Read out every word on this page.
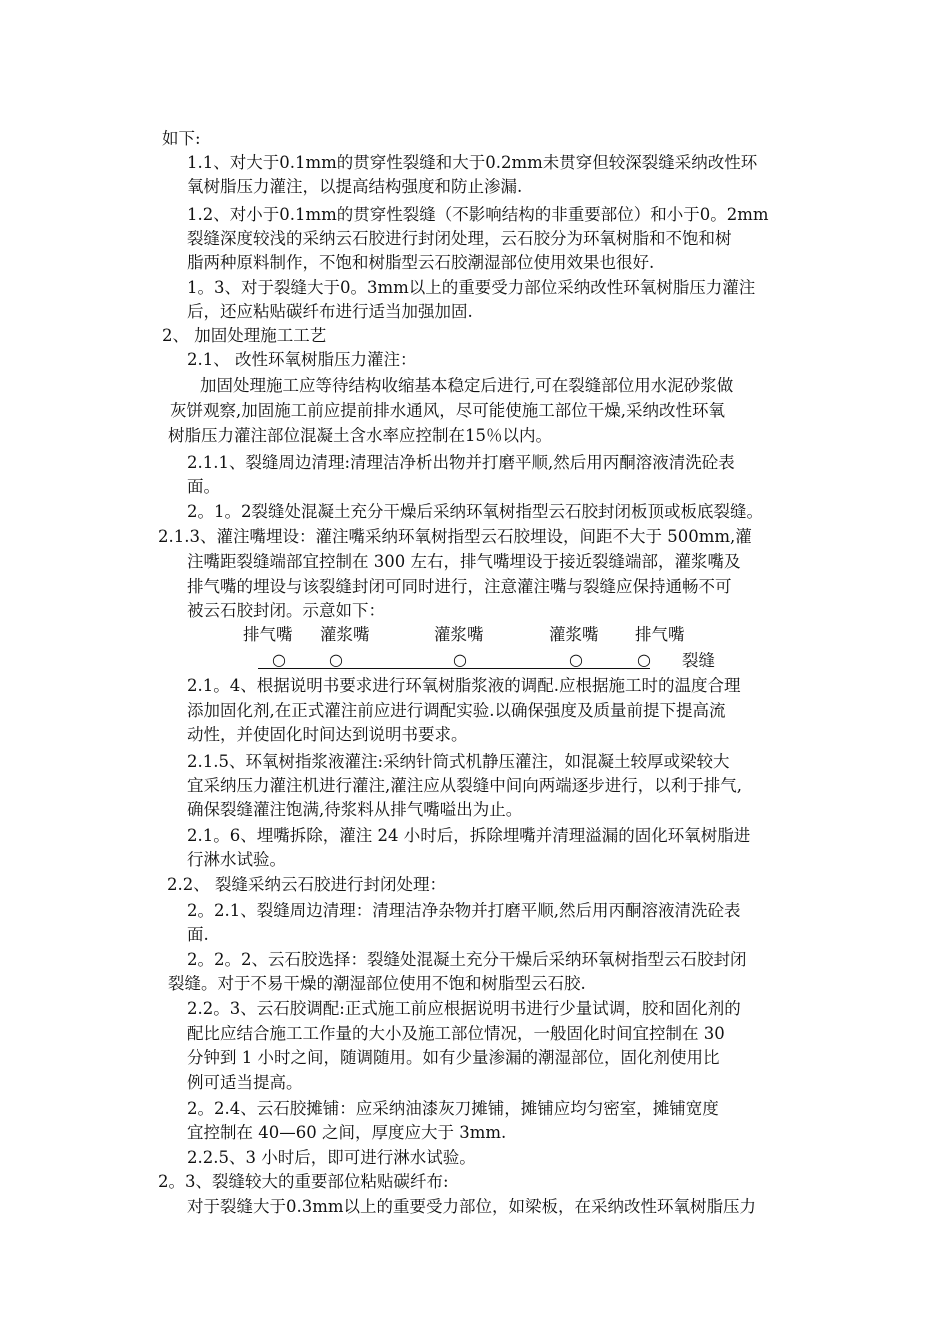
如下:
1.1、对大于0.1mm的贯穿性裂缝和大于0.2mm未贯穿但较深裂缝采纳改性环
氧树脂压力灌注，以提高结构强度和防止渗漏.
1.2、对小于0.1mm的贯穿性裂缝（不影响结构的非重要部位）和小于0。2mm
裂缝深度较浅的采纳云石胶进行封闭处理，云石胶分为环氧树脂和不饱和树
脂两种原料制作，不饱和树脂型云石胶潮湿部位使用效果也很好.
1。3、对于裂缝大于0。3mm以上的重要受力部位采纳改性环氧树脂压力灌注
后，还应粘贴碳纤布进行适当加强加固.
2、 加固处理施工工艺
2.1、 改性环氧树脂压力灌注：
加固处理施工应等待结构收缩基本稳定后进行,可在裂缝部位用水泥砂浆做
灰饼观察,加固施工前应提前排水通风，尽可能使施工部位干燥,采纳改性环氧
树脂压力灌注部位混凝土含水率应控制在15％以内。
2.1.1、裂缝周边清理:清理洁净析出物并打磨平顺,然后用丙酮溶液清洗砼表
面。
2。1。2裂缝处混凝土充分干燥后采纳环氧树指型云石胶封闭板顶或板底裂缝。
2.1.3、灌注嘴埋设：灌注嘴采纳环氧树指型云石胶埋设，间距不大于 500mm,灌
注嘴距裂缝端部宜控制在 300 左右，排气嘴埋设于接近裂缝端部，灌浆嘴及
排气嘴的埋设与该裂缝封闭可同时进行，注意灌注嘴与裂缝应保持通畅不可
被云石胶封闭。示意如下：
排气嘴 灌浆嘴	灌浆嘴	灌浆嘴 排气嘴
○	○	○	○	○ 裂缝
2.1。4、根据说明书要求进行环氧树脂浆液的调配.应根据施工时的温度合理
添加固化剂,在正式灌注前应进行调配实验.以确保强度及质量前提下提高流
动性，并使固化时间达到说明书要求。
2.1.5、环氧树指浆液灌注:采纳针筒式机静压灌注，如混凝土较厚或梁较大
宜采纳压力灌注机进行灌注,灌注应从裂缝中间向两端逐步进行，以利于排气,
确保裂缝灌注饱满,待浆料从排气嘴嗌出为止。
2.1。6、埋嘴拆除，灌注 24 小时后，拆除埋嘴并清理溢漏的固化环氧树脂进
行淋水试验。
2.2、 裂缝采纳云石胶进行封闭处理：
2。2.1、裂缝周边清理：清理洁净杂物并打磨平顺,然后用丙酮溶液清洗砼表
面.
2。2。2、云石胶选择：裂缝处混凝土充分干燥后采纳环氧树指型云石胶封闭
裂缝。对于不易干燥的潮湿部位使用不饱和树脂型云石胶.
2.2。3、云石胶调配:正式施工前应根据说明书进行少量试调，胶和固化剂的
配比应结合施工工作量的大小及施工部位情况，一般固化时间宜控制在 30
分钟到 1 小时之间，随调随用。如有少量渗漏的潮湿部位，固化剂使用比
例可适当提高。
2。2.4、云石胶摊铺：应采纳油漆灰刀摊铺，摊铺应均匀密室，摊铺宽度
宜控制在 40—60 之间，厚度应大于 3mm.
2.2.5、3 小时后，即可进行淋水试验。
2。3、裂缝较大的重要部位粘贴碳纤布:
对于裂缝大于0.3mm以上的重要受力部位，如梁板，在采纳改性环氧树脂压力
